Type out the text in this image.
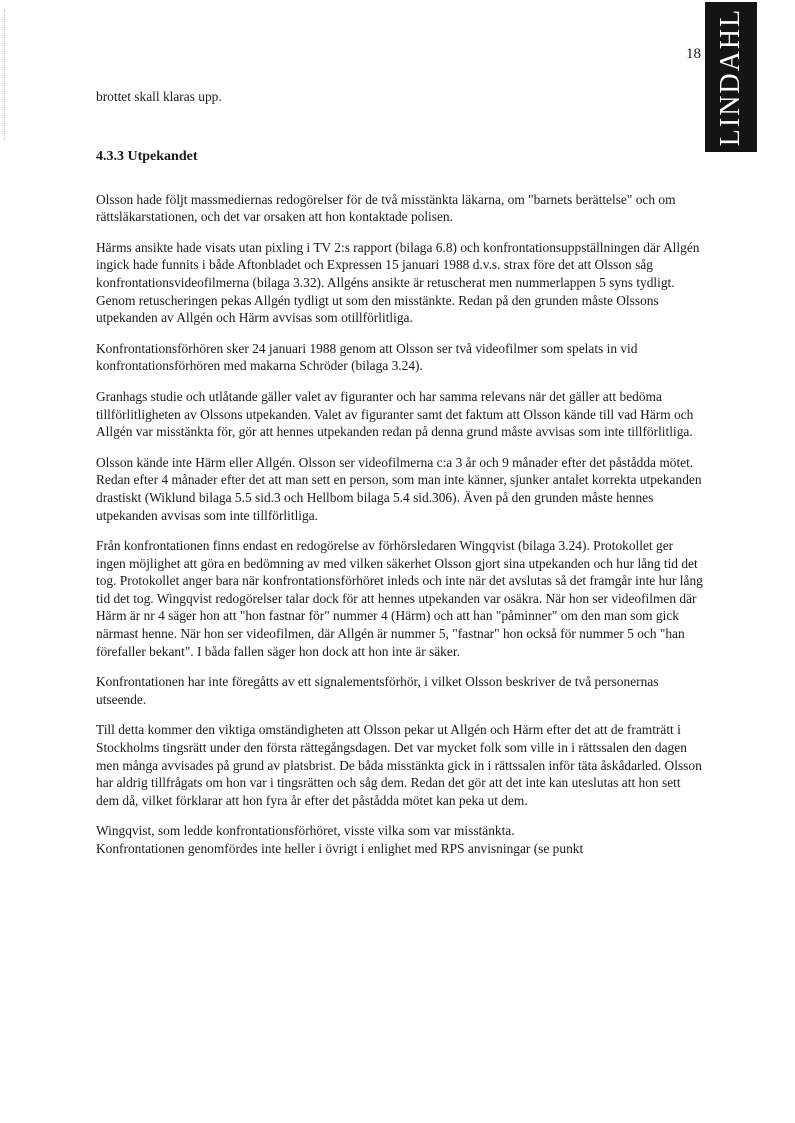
18 LINDAHL

brottet skall klaras upp.

4.3.3 Utpekandet

Olsson hade följt massmediernas redogörelser för de två misstänkta läkarna, om "barnets berättelse" och om rättsläkarstationen, och det var orsaken att hon kontaktade polisen.

Härms ansikte hade visats utan pixling i TV 2:s rapport (bilaga 6.8) och konfrontationsuppställningen där Allgén ingick hade funnits i både Aftonbladet och Expressen 15 januari 1988 d.v.s. strax före det att Olsson såg konfrontationsvideofilmerna (bilaga 3.32). Allgéns ansikte är retuscherat men nummerlappen 5 syns tydligt. Genom retuscheringen pekas Allgén tydligt ut som den misstänkte. Redan på den grunden måste Olssons utpekanden av Allgén och Härm avvisas som otillförlitliga.

Konfrontationsförhören sker 24 januari 1988 genom att Olsson ser två videofilmer som spelats in vid konfrontationsförhören med makarna Schröder (bilaga 3.24).

Granhags studie och utlåtande gäller valet av figuranter och har samma relevans när det gäller att bedöma tillförlitligheten av Olssons utpekanden. Valet av figuranter samt det faktum att Olsson kände till vad Härm och Allgén var misstänkta för, gör att hennes utpekanden redan på denna grund måste avvisas som inte tillförlitliga.

Olsson kände inte Härm eller Allgén. Olsson ser videofilmerna c:a 3 år och 9 månader efter det påstådda mötet. Redan efter 4 månader efter det att man sett en person, som man inte känner, sjunker antalet korrekta utpekanden drastiskt (Wiklund bilaga 5.5 sid.3 och Hellbom bilaga 5.4 sid.306). Även på den grunden måste hennes utpekanden avvisas som inte tillförlitliga.

Från konfrontationen finns endast en redogörelse av förhörsledaren Wingqvist (bilaga 3.24). Protokollet ger ingen möjlighet att göra en bedömning av med vilken säkerhet Olsson gjort sina utpekanden och hur lång tid det tog. Protokollet anger bara när konfrontationsförhöret inleds och inte när det avslutas så det framgår inte hur lång tid det tog. Wingqvist redogörelser talar dock för att hennes utpekanden var osäkra. När hon ser videofilmen där Härm är nr 4 säger hon att "hon fastnar för" nummer 4 (Härm) och att han "påminner" om den man som gick närmast henne. När hon ser videofilmen, där Allgén är nummer 5, "fastnar" hon också för nummer 5 och "han förefaller bekant". I båda fallen säger hon dock att hon inte är säker.

Konfrontationen har inte föregåtts av ett signalementsförhör, i vilket Olsson beskriver de två personernas utseende.

Till detta kommer den viktiga omständigheten att Olsson pekar ut Allgén och Härm efter det att de framträtt i Stockholms tingsrätt under den första rättegångsdagen. Det var mycket folk som ville in i rättssalen den dagen men många avvisades på grund av platsbrist. De båda misstänkta gick in i rättssalen inför täta åskådarled. Olsson har aldrig tillfrågats om hon var i tingsrätten och såg dem. Redan det gör att det inte kan uteslutas att hon sett dem då, vilket förklarar att hon fyra år efter det påstådda mötet kan peka ut dem.

Wingqvist, som ledde konfrontationsförhöret, visste vilka som var misstänkta.

Konfrontationen genomfördes inte heller i övrigt i enlighet med RPS anvisningar (se punkt
